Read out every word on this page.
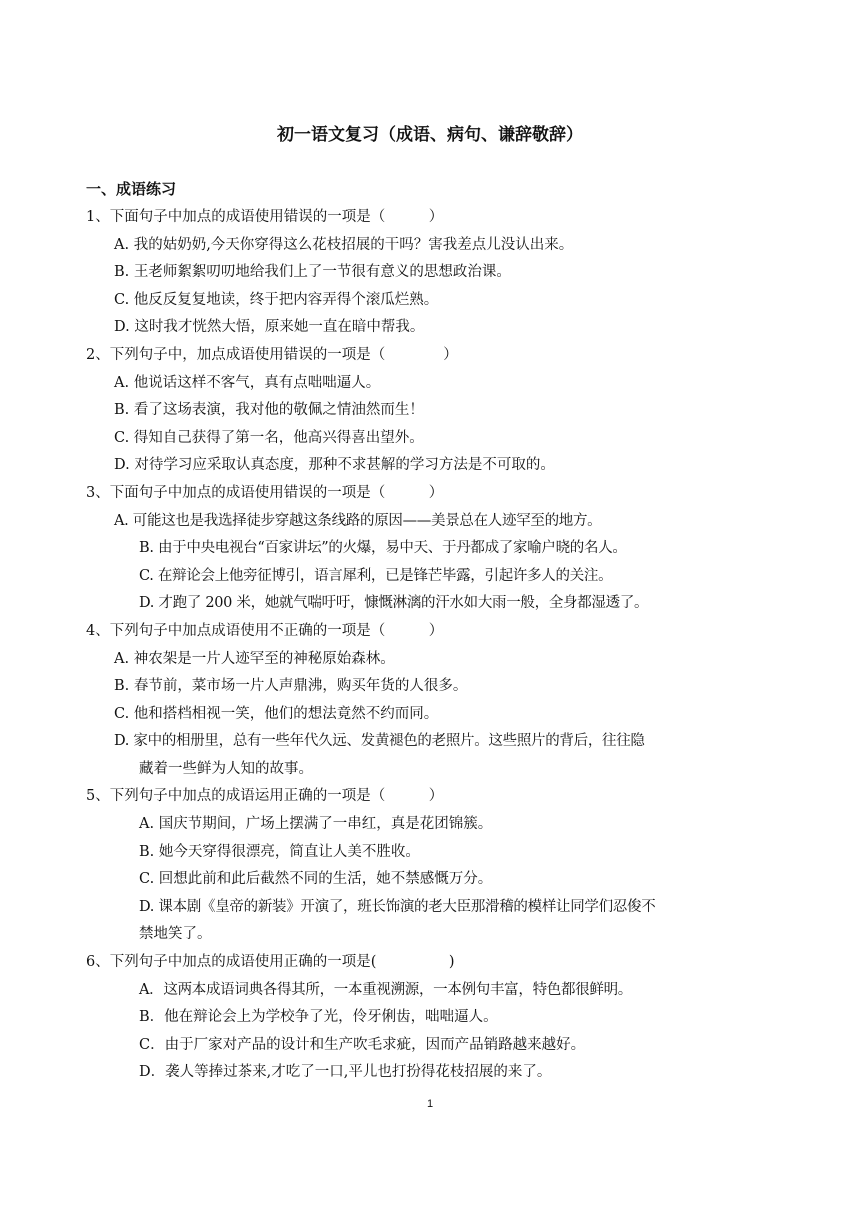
初一语文复习（成语、病句、谦辞敬辞）
一、成语练习
1、下面句子中加点的成语使用错误的一项是（　　　）
A. 我的姑奶奶,今天你穿得这么花枝招展的干吗？害我差点儿没认出来。
B. 王老师絮絮叨叨地给我们上了一节很有意义的思想政治课。
C. 他反反复复地读，终于把内容弄得个滚瓜烂熟。
D. 这时我才恍然大悟，原来她一直在暗中帮我。
2、下列句子中，加点成语使用错误的一项是（　　　　）
A. 他说话这样不客气，真有点咄咄逼人。
B. 看了这场表演，我对他的敬佩之情油然而生！
C. 得知自己获得了第一名，他高兴得喜出望外。
D. 对待学习应采取认真态度，那种不求甚解的学习方法是不可取的。
3、下面句子中加点的成语使用错误的一项是（　　　）
A. 可能这也是我选择徒步穿越这条线路的原因——美景总在人迹罕至的地方。
B. 由于中央电视台“百家讲坛”的火爆，易中天、于丹都成了家喻户晓的名人。
C. 在辩论会上他旁征博引，语言犀利，已是锋芒毕露，引起许多人的关注。
D. 才跑了 200 米，她就气喘吁吁，慷慨淋漓的汗水如大雨一般，全身都湿透了。
4、下列句子中加点成语使用不正确的一项是（　　　）
A. 神农架是一片人迹罕至的神秘原始森林。
B. 春节前，菜市场一片人声鼎沸，购买年货的人很多。
C. 他和搭档相视一笑，他们的想法竟然不约而同。
D. 家中的相册里，总有一些年代久远、发黄褪色的老照片。这些照片的背后，往往隐
藏着一些鲜为人知的故事。
5、下列句子中加点的成语运用正确的一项是（　　　）
A. 国庆节期间，广场上摆满了一串红，真是花团锦簇。
B. 她今天穿得很漂亮，简直让人美不胜收。
C. 回想此前和此后截然不同的生活，她不禁感慨万分。
D. 课本剧《皇帝的新装》开演了，班长饰演的老大臣那滑稽的模样让同学们忍俊不
禁地笑了。
6、下列句子中加点的成语使用正确的一项是(　　　　　)
A．这两本成语词典各得其所，一本重视溯源，一本例句丰富，特色都很鲜明。
B．他在辩论会上为学校争了光，伶牙俐齿，咄咄逼人。
C．由于厂家对产品的设计和生产吹毛求疵，因而产品销路越来越好。
D．袭人等捧过茶来,才吃了一口,平儿也打扮得花枝招展的来了。
1
